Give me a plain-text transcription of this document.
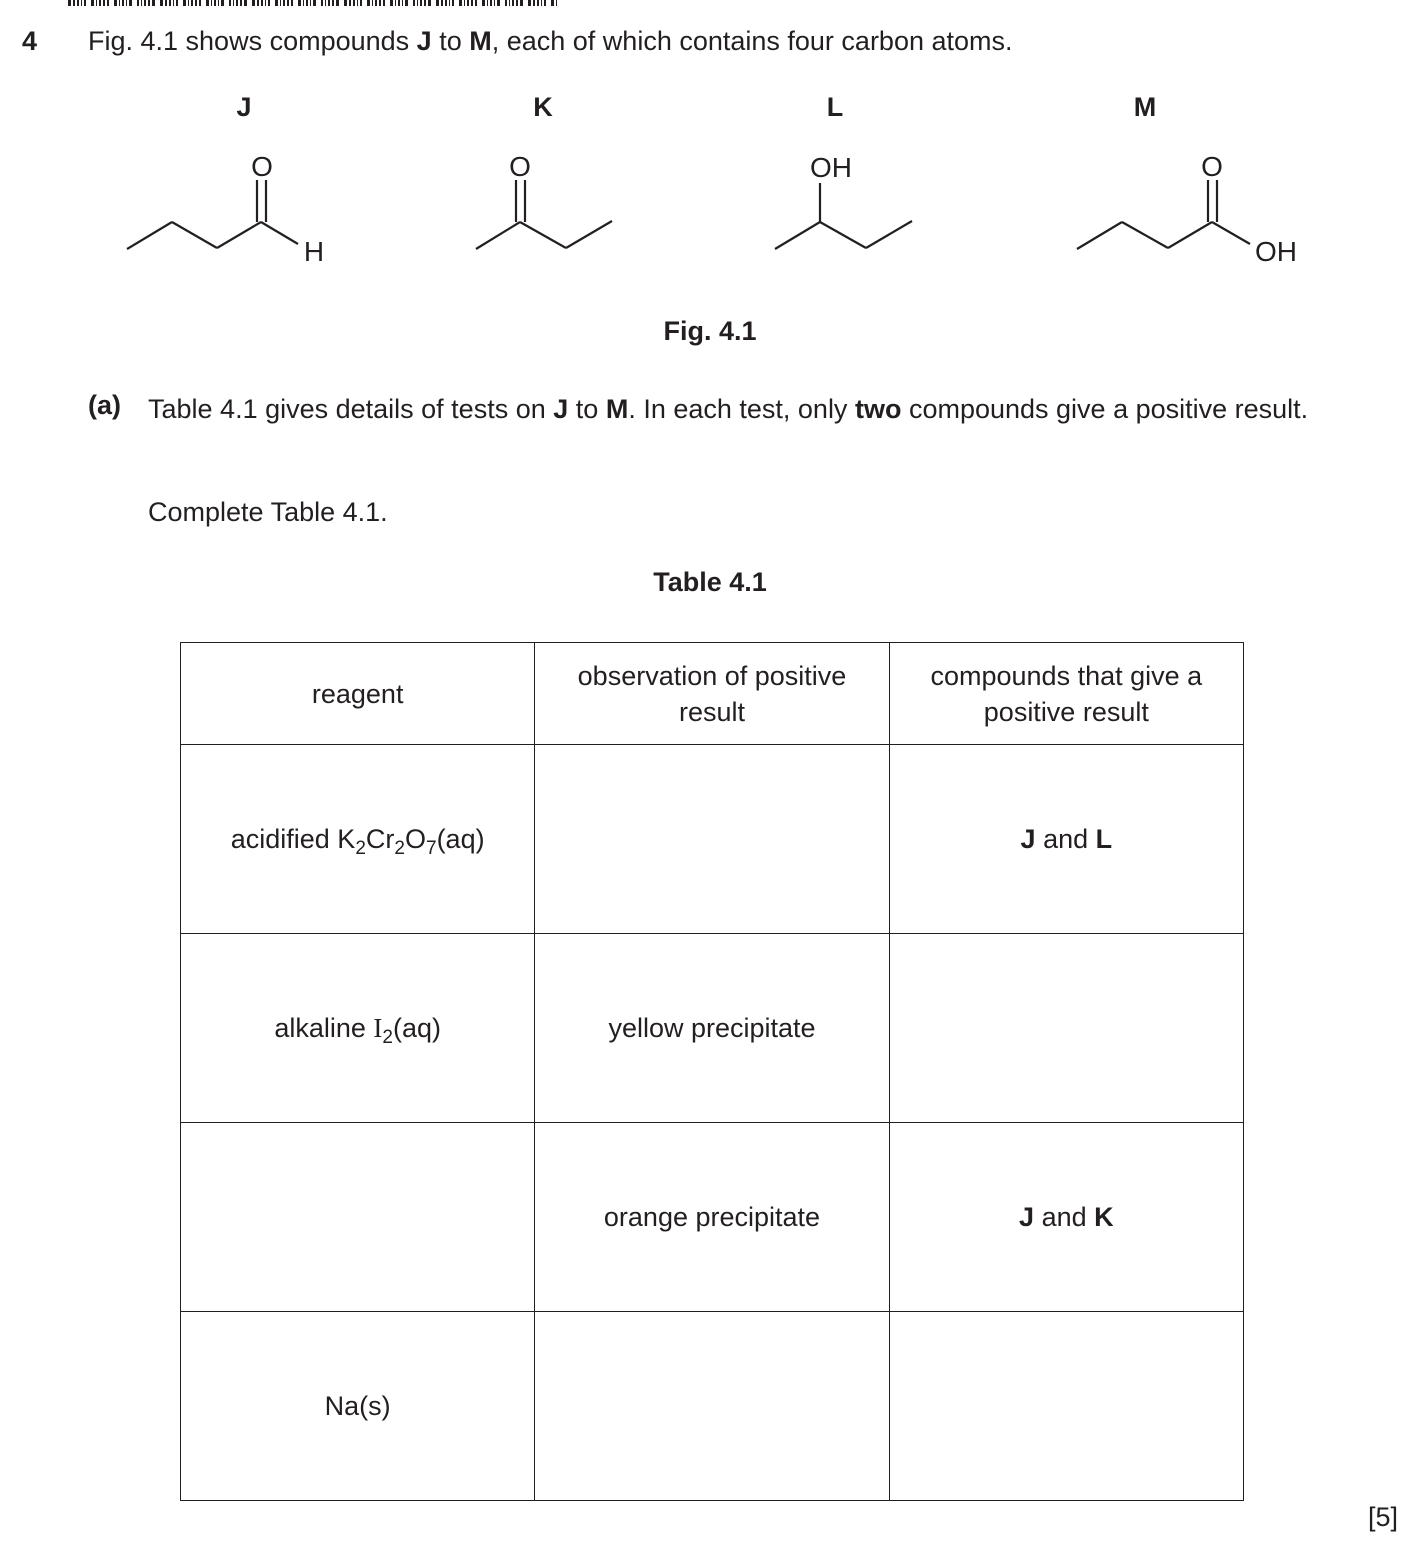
4 Fig. 4.1 shows compounds J to M, each of which contains four carbon atoms.
J	K	L	M
O
H
O	OH	O
OH
Fig. 4.1
(a) Table 4.1 gives details of tests on J to M. In each test, only two compounds give a positive result.
Complete Table 4.1.
Table 4.1
reagent	observation of positive result	compounds that give a positive result
acidified $K_2Cr_2O_7(aq)$		J and L
alkaline $I_2(aq)$	yellow precipitate	
	orange precipitate	J and K
Na(s)		
[5]
